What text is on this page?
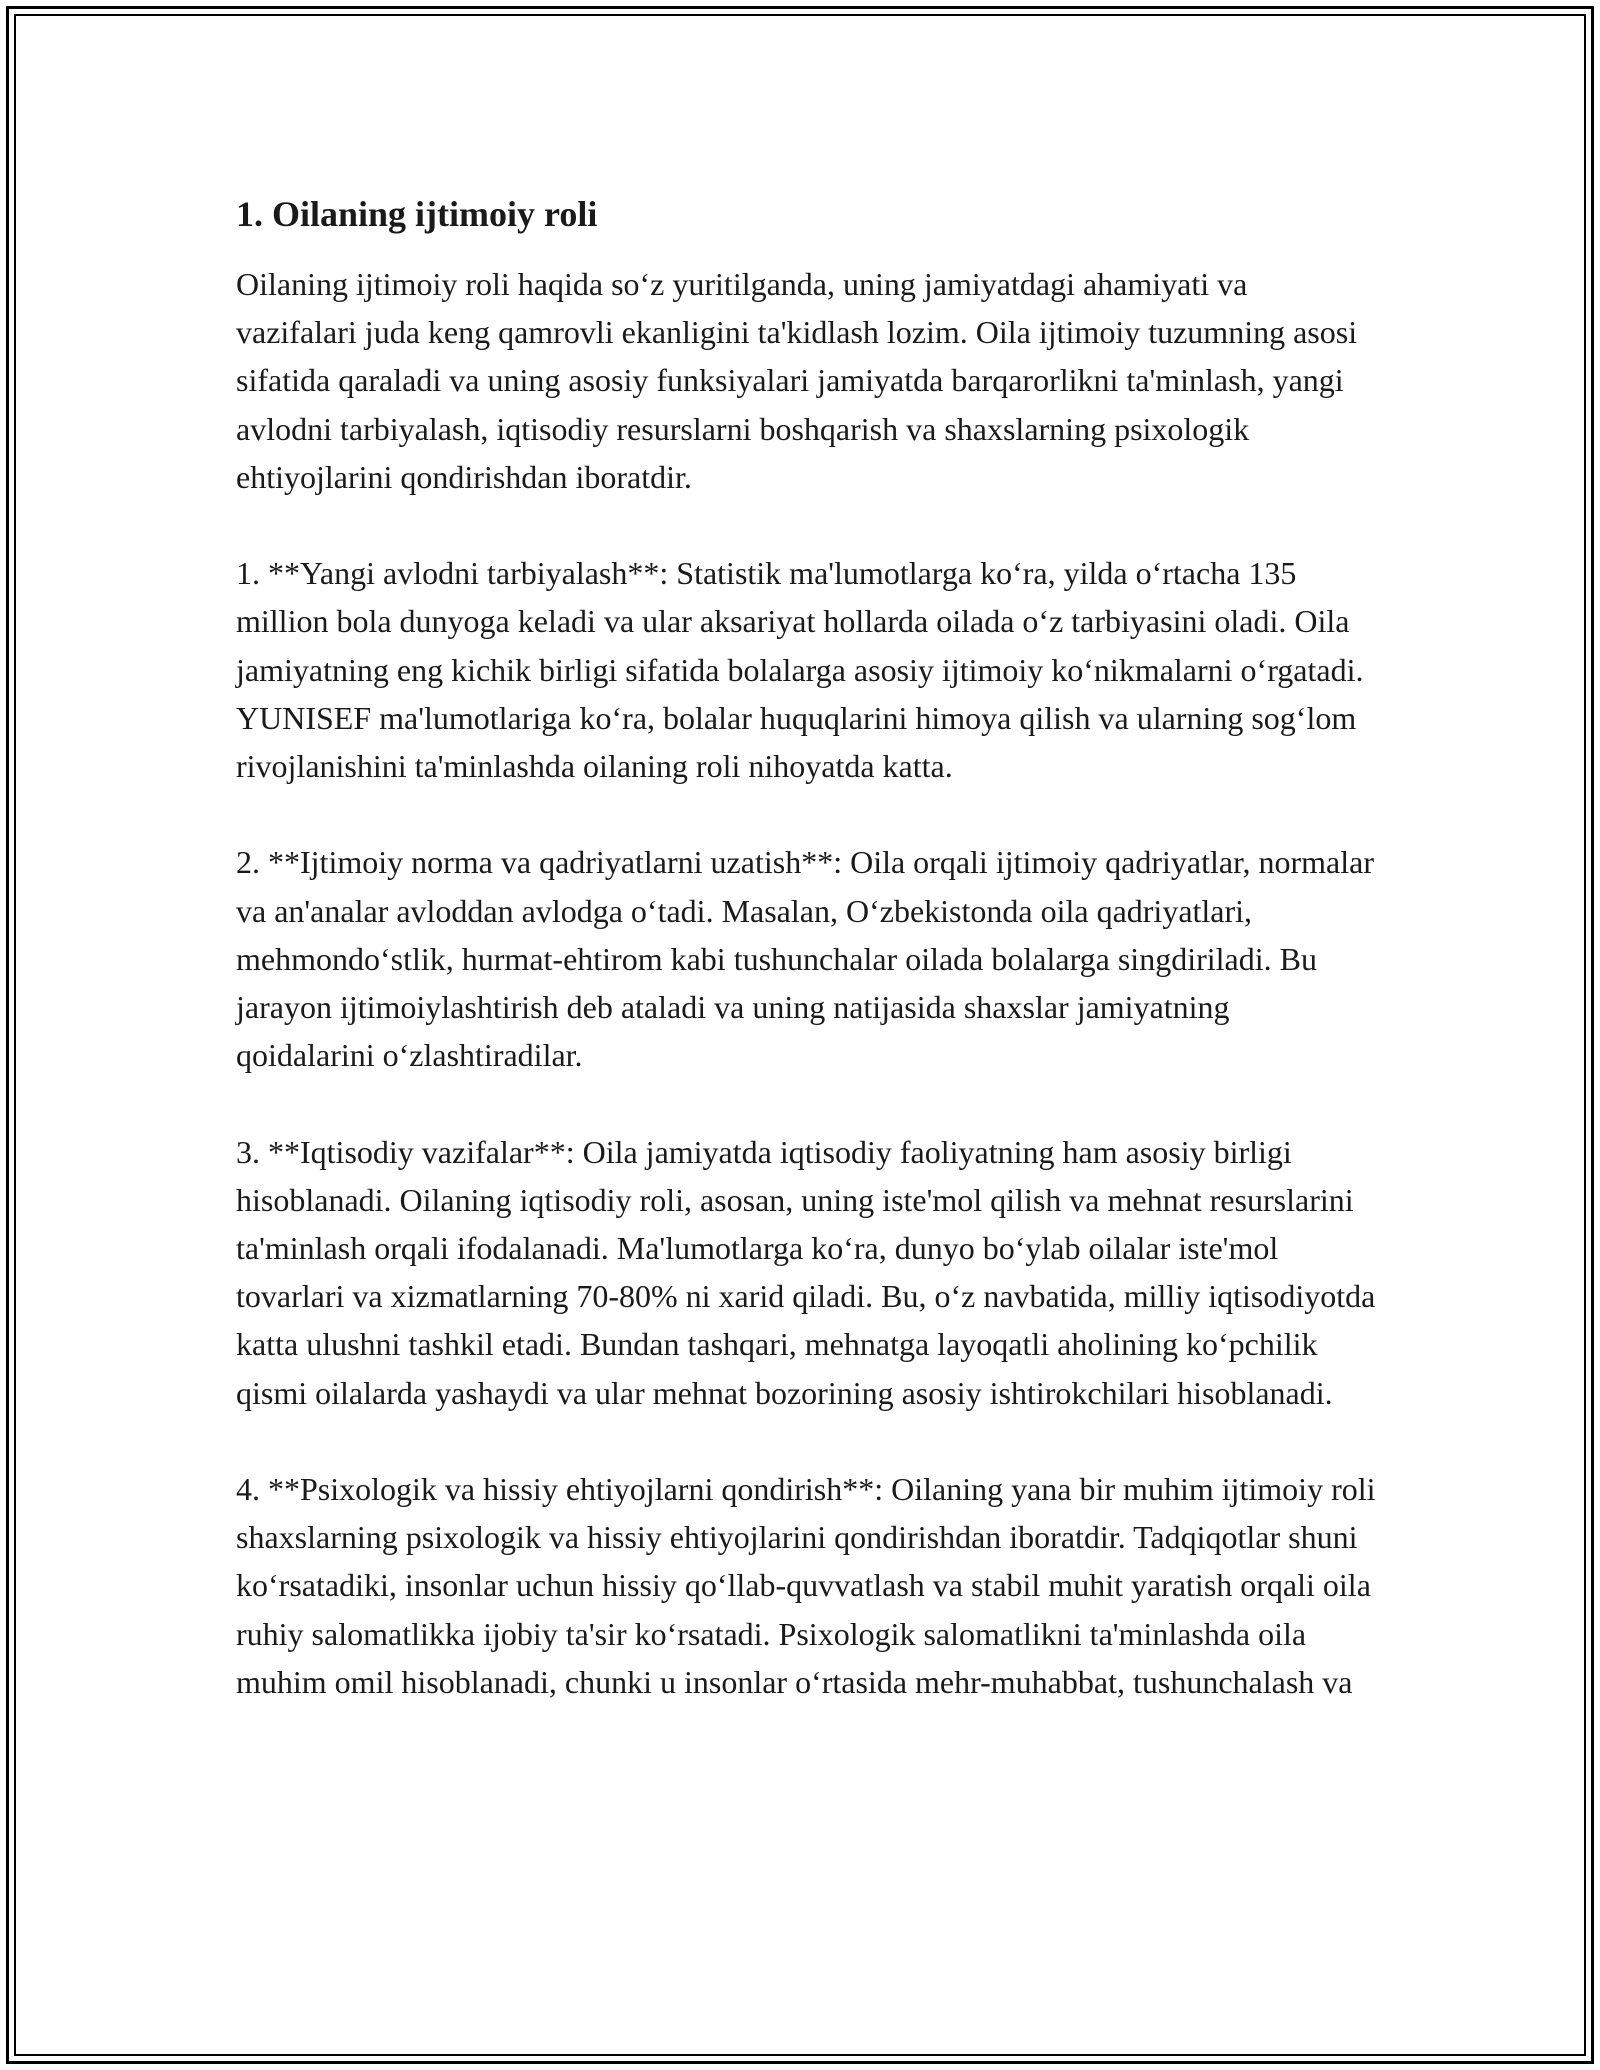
1. Oilaning ijtimoiy roli

Oilaning ijtimoiy roli haqida so‘z yuritilganda, uning jamiyatdagi ahamiyati va vazifalari juda keng qamrovli ekanligini ta'kidlash lozim. Oila ijtimoiy tuzumning asosi sifatida qaraladi va uning asosiy funksiyalari jamiyatda barqarorlikni ta'minlash, yangi avlodni tarbiyalash, iqtisodiy resurslarni boshqarish va shaxslarning psixologik ehtiyojlarini qondirishdan iboratdir.

1. **Yangi avlodni tarbiyalash**: Statistik ma'lumotlarga ko‘ra, yilda o‘rtacha 135 million bola dunyoga keladi va ular aksariyat hollarda oilada o‘z tarbiyasini oladi. Oila jamiyatning eng kichik birligi sifatida bolalarga asosiy ijtimoiy ko‘nikmalarni o‘rgatadi. YUNISEF ma'lumotlariga ko‘ra, bolalar huquqlarini himoya qilish va ularning sog‘lom rivojlanishini ta'minlashda oilaning roli nihoyatda katta.

2. **Ijtimoiy norma va qadriyatlarni uzatish**: Oila orqali ijtimoiy qadriyatlar, normalar va an'analar avloddan avlodga o‘tadi. Masalan, O‘zbekistonda oila qadriyatlari, mehmondo‘stlik, hurmat-ehtirom kabi tushunchalar oilada bolalarga singdiriladi. Bu jarayon ijtimoiylashtirish deb ataladi va uning natijasida shaxslar jamiyatning qoidalarini o‘zlashtiradilar.

3. **Iqtisodiy vazifalar**: Oila jamiyatda iqtisodiy faoliyatning ham asosiy birligi hisoblanadi. Oilaning iqtisodiy roli, asosan, uning iste'mol qilish va mehnat resurslarini ta'minlash orqali ifodalanadi. Ma'lumotlarga ko‘ra, dunyo bo‘ylab oilalar iste'mol tovarlari va xizmatlarning 70-80% ni xarid qiladi. Bu, o‘z navbatida, milliy iqtisodiyotda katta ulushni tashkil etadi. Bundan tashqari, mehnatga layoqatli aholining ko‘pchilik qismi oilalarda yashaydi va ular mehnat bozorining asosiy ishtirokchilari hisoblanadi.

4. **Psixologik va hissiy ehtiyojlarni qondirish**: Oilaning yana bir muhim ijtimoiy roli shaxslarning psixologik va hissiy ehtiyojlarini qondirishdan iboratdir. Tadqiqotlar shuni ko‘rsatadiki, insonlar uchun hissiy qo‘llab-quvvatlash va stabil muhit yaratish orqali oila ruhiy salomatlikka ijobiy ta'sir ko‘rsatadi. Psixologik salomatlikni ta'minlashda oila muhim omil hisoblanadi, chunki u insonlar o‘rtasida mehr-muhabbat, tushunchalash va
